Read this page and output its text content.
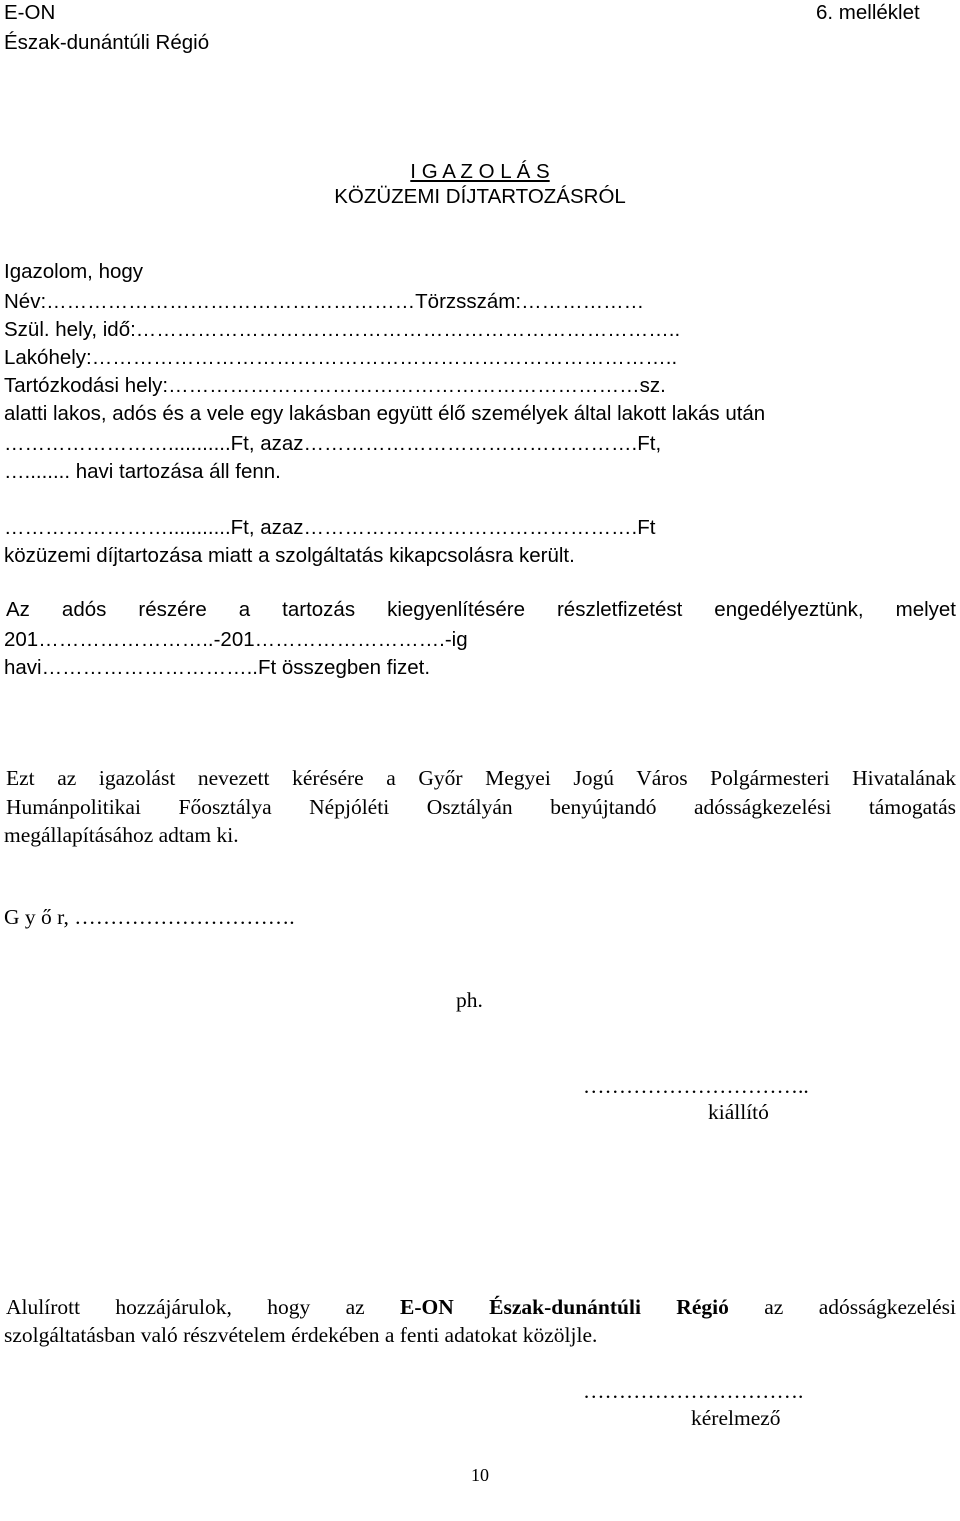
E-ON
Észak-dunántúli Régió
6. melléklet
I G A Z O L Á S
KÖZÜZEMI DÍJTARTOZÁSRÓL
Igazolom, hogy
Név:………………………………………………Törzsszám:………………
Szül. hely, idő:……………………………………………………………………..
Lakóhely:…………………………………………………………………………..
Tartózkodási hely:……………………………………………………………sz.
alatti lakos, adós és a vele egy lakásban együtt élő személyek által lakott lakás után
……………………...........Ft, azaz………………………………………….Ft,
…........ havi tartozása áll fenn.
……………………...........Ft, azaz………………………………………….Ft
közüzemi díjtartozása miatt a szolgáltatás kikapcsolásra került.
Az adós részére a tartozás kiegyenlítésére részletfizetést engedélyeztünk, melyet
201……………………..-201……………………….-ig
havi…………………………..Ft összegben fizet.
Ezt az igazolást nevezett kérésére a Győr Megyei Jogú Város Polgármesteri Hivatalának
Humánpolitikai Főosztálya Népjóléti Osztályán benyújtandó adósságkezelési támogatás
megállapításához adtam ki.
G y ő r, ………………………….
ph.
…………………………..
kiállító
Alulírott hozzájárulok, hogy az E-ON Észak-dunántúli Régió az adósságkezelési
szolgáltatásban való részvételem érdekében a fenti adatokat közöljle.
………………………….
kérelmező
10
